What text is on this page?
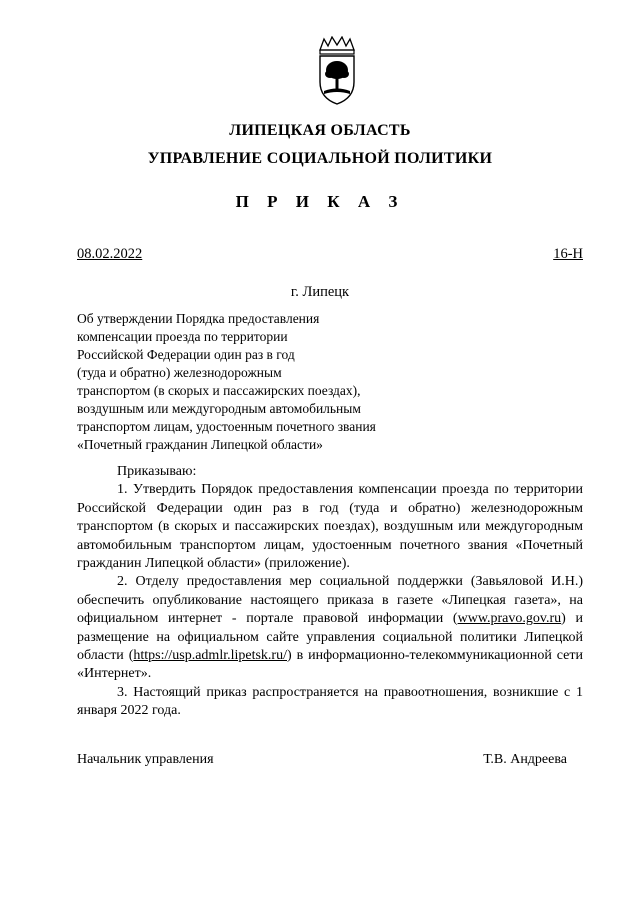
ЛИПЕЦКАЯ ОБЛАСТЬ
УПРАВЛЕНИЕ СОЦИАЛЬНОЙ ПОЛИТИКИ
П Р И К А З
08.02.2022	16-Н
г. Липецк
Об утверждении Порядка предоставления
компенсации проезда по территории
Российской Федерации один раз в год
(туда и обратно) железнодорожным
транспортом (в скорых и пассажирских поездах),
воздушным или междугородным автомобильным
транспортом лицам, удостоенным почетного звания
«Почетный гражданин Липецкой области»

Приказываю:

1. Утвердить Порядок предоставления компенсации проезда по территории Российской Федерации один раз в год (туда и обратно) железнодорожным транспортом (в скорых и пассажирских поездах), воздушным или междугородным автомобильным транспортом лицам, удостоенным почетного звания «Почетный гражданин Липецкой области» (приложение).

2. Отделу предоставления мер социальной поддержки (Завьяловой И.Н.) обеспечить опубликование настоящего приказа в газете «Липецкая газета», на официальном интернет - портале правовой информации (www.pravo.gov.ru) и размещение на официальном сайте управления социальной политики Липецкой области (https://usp.admlr.lipetsk.ru/) в информационно-телекоммуникационной сети «Интернет».

3. Настоящий приказ распространяется на правоотношения, возникшие с 1 января 2022 года.

Начальник управления	Т.В. Андреева
